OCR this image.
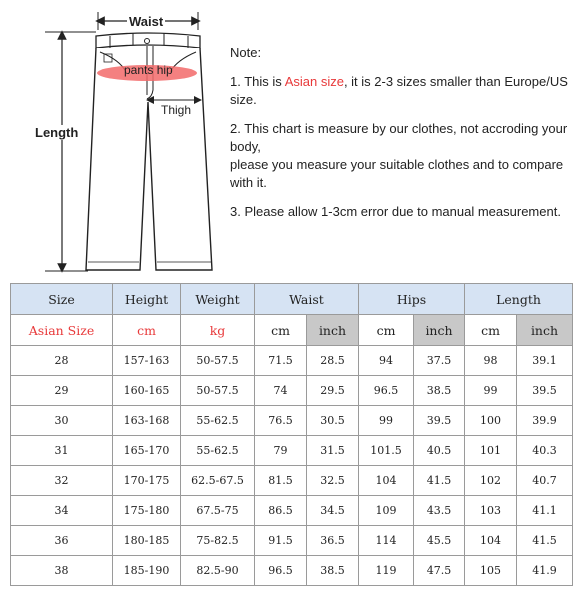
Waist
Length
pants hip
Thigh

Note:

1. This is Asian size, it is 2-3 sizes smaller than Europe/US size.

2. This chart is measure by our clothes, not accroding your body,
please you measure your suitable clothes and to compare with it.

3. Please allow 1-3cm error due to manual measurement.

Size	Height	Weight	Waist		Hips		Length	
Asian Size	cm	kg	cm	inch	cm	inch	cm	inch
28	157-163	50-57.5	71.5	28.5	94	37.5	98	39.1
29	160-165	50-57.5	74	29.5	96.5	38.5	99	39.5
30	163-168	55-62.5	76.5	30.5	99	39.5	100	39.9
31	165-170	55-62.5	79	31.5	101.5	40.5	101	40.3
32	170-175	62.5-67.5	81.5	32.5	104	41.5	102	40.7
34	175-180	67.5-75	86.5	34.5	109	43.5	103	41.1
36	180-185	75-82.5	91.5	36.5	114	45.5	104	41.5
38	185-190	82.5-90	96.5	38.5	119	47.5	105	41.9
